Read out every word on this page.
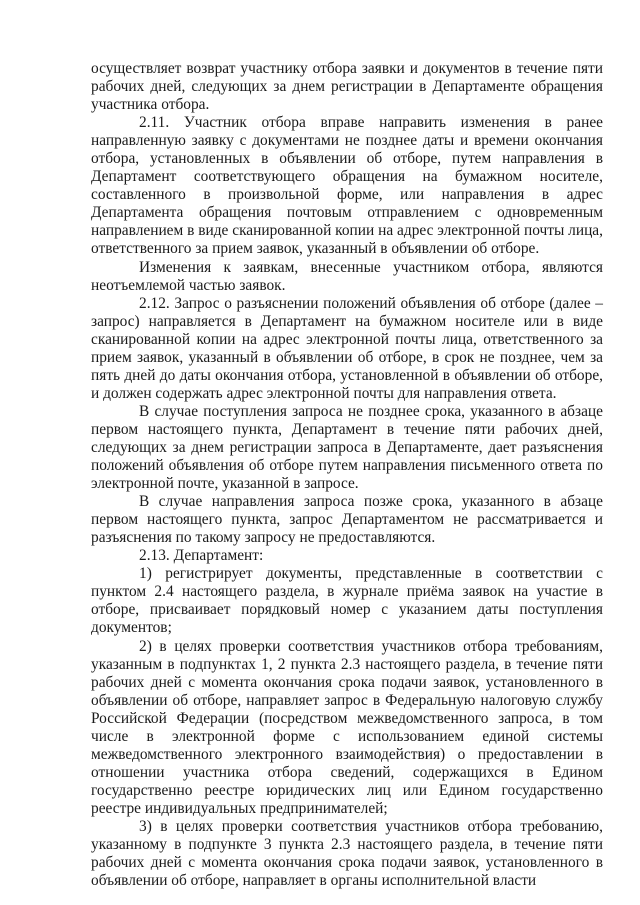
осуществляет возврат участнику отбора заявки и документов в течение пяти рабочих дней, следующих за днем регистрации в Департаменте обращения участника отбора.

2.11. Участник отбора вправе направить изменения в ранее направленную заявку с документами не позднее даты и времени окончания отбора, установленных в объявлении об отборе, путем направления в Департамент соответствующего обращения на бумажном носителе, составленного в произвольной форме, или направления в адрес Департамента обращения почтовым отправлением с одновременным направлением в виде сканированной копии на адрес электронной почты лица, ответственного за прием заявок, указанный в объявлении об отборе.

Изменения к заявкам, внесенные участником отбора, являются неотъемлемой частью заявок.

2.12. Запрос о разъяснении положений объявления об отборе (далее – запрос) направляется в Департамент на бумажном носителе или в виде сканированной копии на адрес электронной почты лица, ответственного за прием заявок, указанный в объявлении об отборе, в срок не позднее, чем за пять дней до даты окончания отбора, установленной в объявлении об отборе, и должен содержать адрес электронной почты для направления ответа.

В случае поступления запроса не позднее срока, указанного в абзаце первом настоящего пункта, Департамент в течение пяти рабочих дней, следующих за днем регистрации запроса в Департаменте, дает разъяснения положений объявления об отборе путем направления письменного ответа по электронной почте, указанной в запросе.

В случае направления запроса позже срока, указанного в абзаце первом настоящего пункта, запрос Департаментом не рассматривается и разъяснения по такому запросу не предоставляются.

2.13. Департамент:

1) регистрирует документы, представленные в соответствии с пунктом 2.4 настоящего раздела, в журнале приёма заявок на участие в отборе, присваивает порядковый номер с указанием даты поступления документов;

2) в целях проверки соответствия участников отбора требованиям, указанным в подпунктах 1, 2 пункта 2.3 настоящего раздела, в течение пяти рабочих дней с момента окончания срока подачи заявок, установленного в объявлении об отборе, направляет запрос в Федеральную налоговую службу Российской Федерации (посредством межведомственного запроса, в том числе в электронной форме с использованием единой системы межведомственного электронного взаимодействия) о предоставлении в отношении участника отбора сведений, содержащихся в Едином государственно реестре юридических лиц или Едином государственно реестре индивидуальных предпринимателей;

3) в целях проверки соответствия участников отбора требованию, указанному в подпункте 3 пункта 2.3 настоящего раздела, в течение пяти рабочих дней с момента окончания срока подачи заявок, установленного в объявлении об отборе, направляет в органы исполнительной власти
